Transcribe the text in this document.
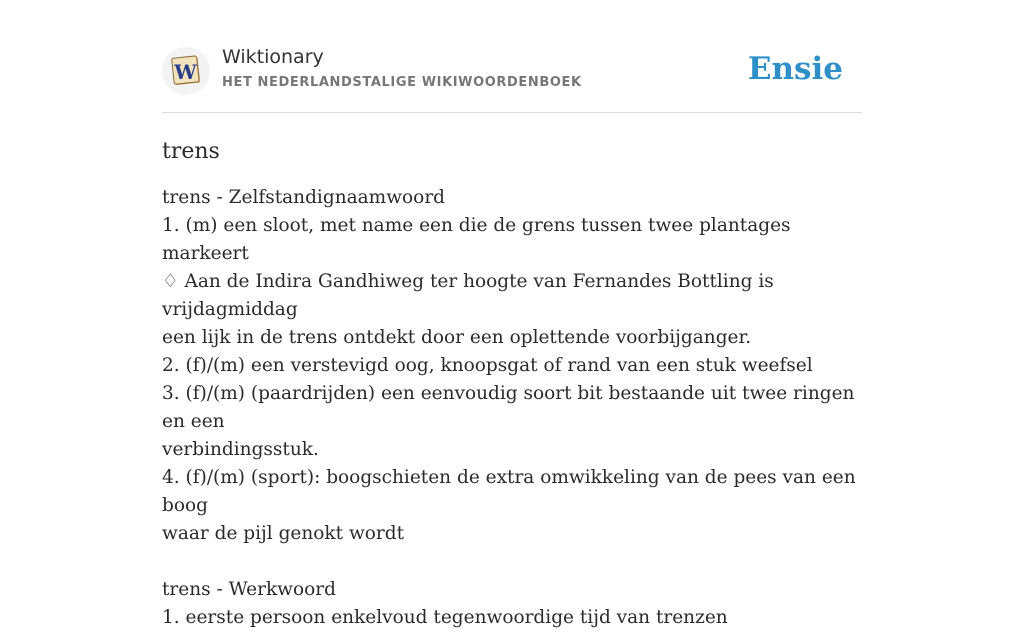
W
Wiktionary
HET NEDERLANDSTALIGE WIKIWOORDENBOEK	Ensie
trens
trens - Zelfstandignaamwoord
1. (m) een sloot, met name een die de grens tussen twee plantages markeert
♢ Aan de Indira Gandhiweg ter hoogte van Fernandes Bottling is vrijdagmiddag
een lijk in de trens ontdekt door een oplettende voorbijganger.
2. (f)/(m) een verstevigd oog, knoopsgat of rand van een stuk weefsel
3. (f)/(m) (paardrijden) een eenvoudig soort bit bestaande uit twee ringen en een
verbindingsstuk.
4. (f)/(m) (sport): boogschieten de extra omwikkeling van de pees van een boog
waar de pijl genokt wordt
trens - Werkwoord
1. eerste persoon enkelvoud tegenwoordige tijd van trenzen
